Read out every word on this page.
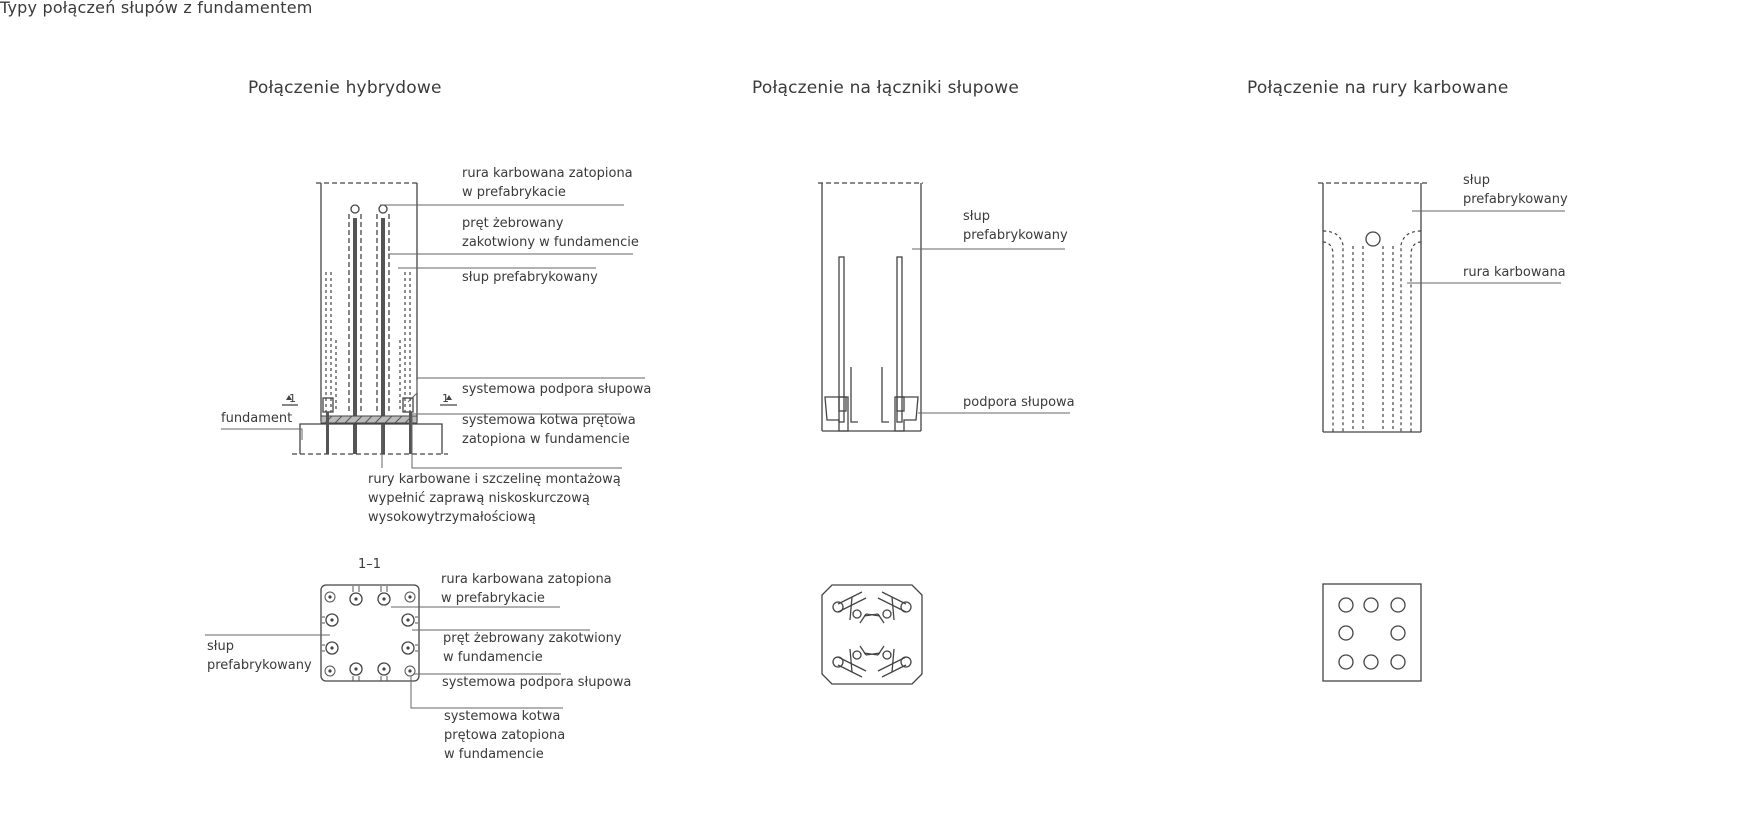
Typy połączeń słupów z fundamentem
Połączenie hybrydowe	Połączenie na łączniki słupowe	Połączenie na rury karbowane
rura karbowana zatopiona
w prefabrykacie
pręt żebrowany
zakotwiony w fundamencie
słup prefabrykowany
systemowa podpora słupowa
systemowa kotwa prętowa
zatopiona w fundamencie
fundament
rury karbowane i szczelinę montażową
wypełnić zaprawą niskoskurczową
wysokowytrzymałościową
1	1
1–1
rura karbowana zatopiona
w prefabrykacie
pręt żebrowany zakotwiony
w fundamencie
systemowa podpora słupowa
systemowa kotwa
prętowa zatopiona
w fundamencie
słup
prefabrykowany
słup
prefabrykowany
podpora słupowa
słup
prefabrykowany
rura karbowana
